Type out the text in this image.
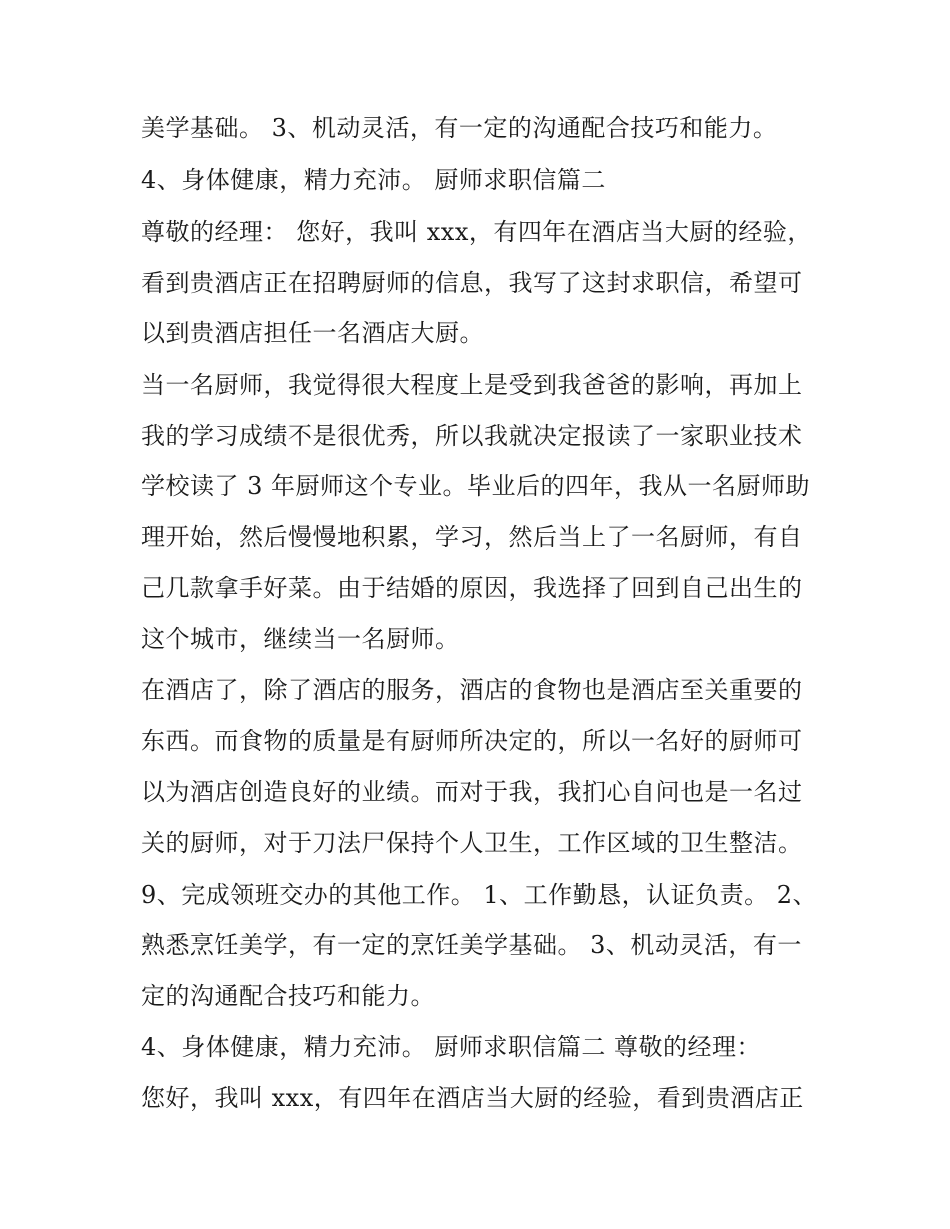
美学基础。 3、机动灵活，有一定的沟通配合技巧和能力。
4、身体健康，精力充沛。 厨师求职信篇二
尊敬的经理： 您好，我叫 xxx，有四年在酒店当大厨的经验，
看到贵酒店正在招聘厨师的信息，我写了这封求职信，希望可
以到贵酒店担任一名酒店大厨。
当一名厨师，我觉得很大程度上是受到我爸爸的影响，再加上
我的学习成绩不是很优秀，所以我就决定报读了一家职业技术
学校读了 3 年厨师这个专业。毕业后的四年，我从一名厨师助
理开始，然后慢慢地积累，学习，然后当上了一名厨师，有自
己几款拿手好菜。由于结婚的原因，我选择了回到自己出生的
这个城市，继续当一名厨师。
在酒店了，除了酒店的服务，酒店的食物也是酒店至关重要的
东西。而食物的质量是有厨师所决定的，所以一名好的厨师可
以为酒店创造良好的业绩。而对于我，我扪心自问也是一名过
关的厨师，对于刀法尸保持个人卫生，工作区域的卫生整洁。
9、完成领班交办的其他工作。 1、工作勤恳，认证负责。 2、
熟悉烹饪美学，有一定的烹饪美学基础。 3、机动灵活，有一
定的沟通配合技巧和能力。
4、身体健康，精力充沛。 厨师求职信篇二 尊敬的经理：
您好，我叫 xxx，有四年在酒店当大厨的经验，看到贵酒店正
